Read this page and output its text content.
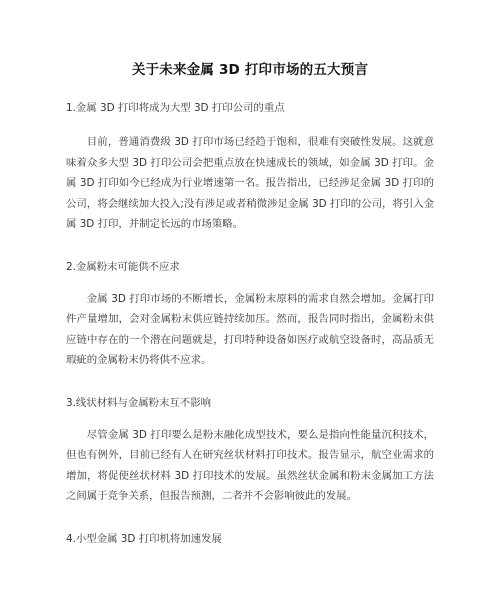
关于未来金属 3D 打印市场的五大预言

1.金属 3D 打印将成为大型 3D 打印公司的重点

目前，普通消费级 3D 打印市场已经趋于饱和，很难有突破性发展。这就意味着众多大型 3D 打印公司会把重点放在快速成长的领域，如金属 3D 打印。金属 3D 打印如今已经成为行业增速第一名。报告指出，已经涉足金属 3D 打印的公司，将会继续加大投入;没有涉足或者稍微涉足金属 3D 打印的公司，将引入金属 3D 打印，并制定长远的市场策略。

2.金属粉末可能供不应求

金属 3D 打印市场的不断增长，金属粉末原料的需求自然会增加。金属打印件产量增加，会对金属粉末供应链持续加压。然而，报告同时指出，金属粉末供应链中存在的一个潜在问题就是，打印特种设备如医疗或航空设备时，高品质无瑕疵的金属粉末仍将供不应求。

3.线状材料与金属粉末互不影响

尽管金属 3D 打印要么是粉末融化成型技术，要么是指向性能量沉积技术，但也有例外，目前已经有人在研究丝状材料打印技术。报告显示，航空业需求的增加，将促使丝状材料 3D 打印技术的发展。虽然丝状金属和粉末金属加工方法之间属于竞争关系，但报告预测，二者并不会影响彼此的发展。

4.小型金属 3D 打印机将加速发展
